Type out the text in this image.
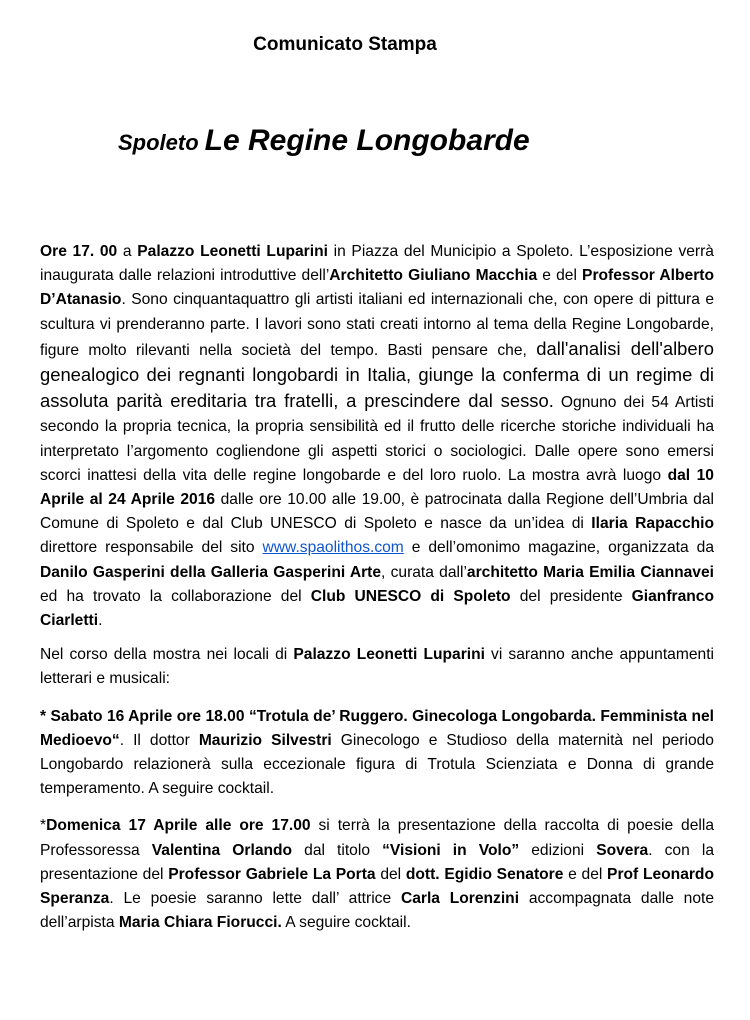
Comunicato Stampa
Spoleto Le Regine Longobarde

Ore 17. 00 a Palazzo Leonetti Luparini in Piazza del Municipio a Spoleto. L’esposizione verrà inaugurata dalle relazioni introduttive dell’Architetto Giuliano Macchia e del Professor Alberto D’Atanasio. Sono cinquantaquattro gli artisti italiani ed internazionali che, con opere di pittura e scultura vi prenderanno parte. I lavori sono stati creati intorno al tema della Regine Longobarde, figure molto rilevanti nella società del tempo. Basti pensare che, dall'analisi dell'albero genealogico dei regnanti longobardi in Italia, giunge la conferma di un regime di assoluta parità ereditaria tra fratelli, a prescindere dal sesso. Ognuno dei 54 Artisti secondo la propria tecnica, la propria sensibilità ed il frutto delle ricerche storiche individuali ha interpretato l’argomento cogliendone gli aspetti storici o sociologici. Dalle opere sono emersi scorci inattesi della vita delle regine longobarde e del loro ruolo. La mostra avrà luogo dal 10 Aprile al 24 Aprile 2016 dalle ore 10.00 alle 19.00, è patrocinata dalla Regione dell’Umbria dal Comune di Spoleto e dal Club UNESCO di Spoleto e nasce da un’idea di Ilaria Rapacchio direttore responsabile del sito www.spaolithos.com e dell’omonimo magazine, organizzata da Danilo Gasperini della Galleria Gasperini Arte, curata dall’architetto Maria Emilia Ciannavei ed ha trovato la collaborazione del Club UNESCO di Spoleto del presidente Gianfranco Ciarletti.

Nel corso della mostra nei locali di Palazzo Leonetti Luparini vi saranno anche appuntamenti letterari e musicali:

* Sabato 16 Aprile ore 18.00 “Trotula de’ Ruggero. Ginecologa Longobarda. Femminista nel Medioevo“. Il dottor Maurizio Silvestri Ginecologo e Studioso della maternità nel periodo Longobardo relazionerà sulla eccezionale figura di Trotula Scienziata e Donna di grande temperamento. A seguire cocktail.

*Domenica 17 Aprile alle ore 17.00 si terrà la presentazione della raccolta di poesie della Professoressa Valentina Orlando dal titolo “Visioni in Volo” edizioni Sovera. con la presentazione del Professor Gabriele La Porta del dott. Egidio Senatore e del Prof Leonardo Speranza. Le poesie saranno lette dall’ attrice Carla Lorenzini accompagnata dalle note dell’arpista Maria Chiara Fiorucci. A seguire cocktail.
